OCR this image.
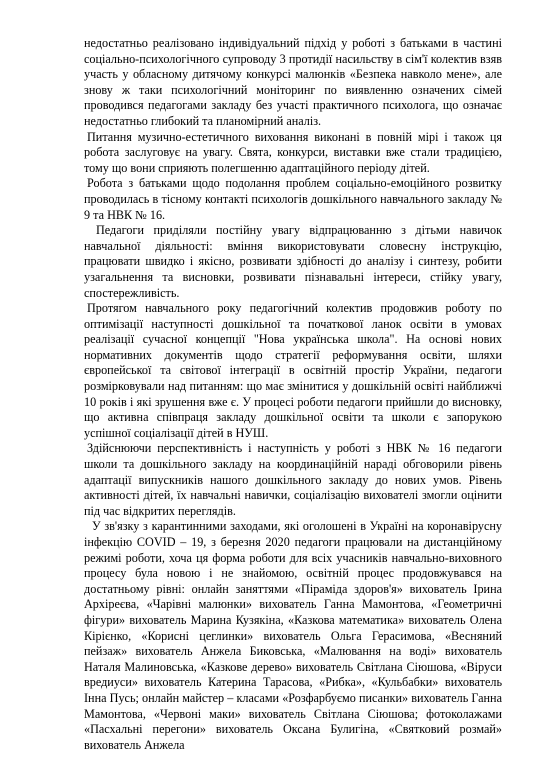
недостатньо реалізовано індивідуальний підхід у роботі з батьками в частині соціально-психологічного супроводу 3 протидії насильству в сім'ї колектив взяв участь у обласному дитячому конкурсі малюнків «Безпека навколо мене», але знову ж таки психологічний моніторинг по виявленню означених сімей проводився педагогами закладу без участі практичного психолога, що означає недостатньо глибокий та планомірний аналіз.

Питання музично-естетичного виховання виконані в повній мірі і також ця робота заслуговує на увагу. Свята, конкурси, виставки вже стали традицією, тому що вони сприяють полегшенню адаптаційного періоду дітей.

Робота з батьками щодо подолання проблем соціально-емоційного розвитку проводилась в тісному контакті психологів дошкільного навчального закладу № 9 та НВК № 16.

Педагоги приділяли постійну увагу відпрацюванню з дітьми навичок навчальної діяльності: вміння використовувати словесну інструкцію, працювати швидко і якісно, розвивати здібності до аналізу і синтезу, робити узагальнення та висновки, розвивати пізнавальні інтереси, стійку увагу, спостережливість.

Протягом навчального року педагогічний колектив продовжив роботу по оптимізації наступності дошкільної та початкової ланок освіти в умовах реалізації сучасної концепції "Нова українська школа". На основі нових нормативних документів щодо стратегії реформування освіти, шляхи європейської та світової інтеграції в освітній простір України, педагоги розмірковували над питанням: що має змінитися у дошкільній освіті найближчі 10 років і які зрушення вже є. У процесі роботи педагоги прийшли до висновку, що активна співпраця закладу дошкільної освіти та школи є запорукою успішної соціалізації дітей в НУШ.

Здійснюючи перспективність і наступність у роботі з НВК № 16 педагоги школи та дошкільного закладу на координаційній нараді обговорили рівень адаптації випускників нашого дошкільного закладу до нових умов. Рівень активності дітей, їх навчальні навички, соціалізацію вихователі змогли оцінити під час відкритих переглядів.

У зв'язку з карантинними заходами, які оголошені в Україні на коронавірусну інфекцію COVID – 19, з березня 2020 педагоги працювали на дистанційному режимі роботи, хоча ця форма роботи для всіх учасників навчально-виховного процесу була новою і не знайомою, освітній процес продовжувався на достатньому рівні: онлайн заняттями «Піраміда здоров'я» вихователь Ірина Архіреєва, «Чарівні малюнки» вихователь Ганна Мамонтова, «Геометричні фігури» вихователь Марина Кузякіна, «Казкова математика» вихователь Олена Кірієнко, «Корисні цеглинки» вихователь Ольга Герасимова, «Весняний пейзаж» вихователь Анжела Биковська, «Малювання на воді» вихователь Наталя Малиновська, «Казкове дерево» вихователь Світлана Сіюшова, «Віруси вредиуси» вихователь Катерина Тарасова, «Рибка», «Кульбабки» вихователь Інна Пусь; онлайн майстер – класами «Розфарбуємо писанки» вихователь Ганна Мамонтова, «Червоні маки» вихователь Світлана Сіюшова; фотоколажами «Пасхальні перегони» вихователь Оксана Булигіна, «Святковий розмай» вихователь Анжела
